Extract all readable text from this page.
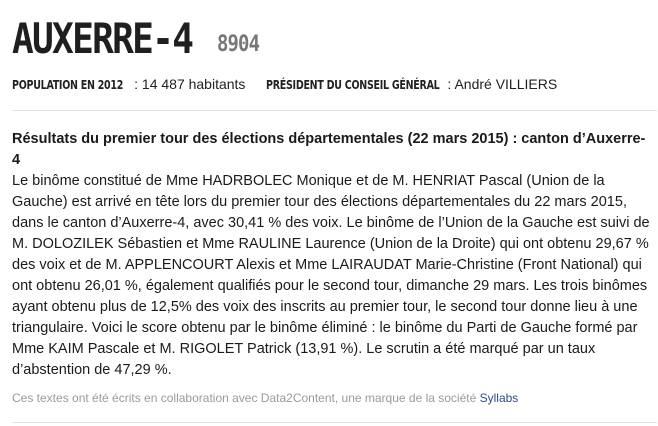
AUXERRE-4 8904
POPULATION EN 2012 : 14 487 habitants PRÉSIDENT DU CONSEIL GÉNÉRAL : André VILLIERS
Résultats du premier tour des élections départementales (22 mars 2015) : canton d’Auxerre-4
Le binôme constitué de Mme HADRBOLEC Monique et de M. HENRIAT Pascal (Union de la Gauche) est arrivé en tête lors du premier tour des élections départementales du 22 mars 2015, dans le canton d’Auxerre-4, avec 30,41 % des voix. Le binôme de l’Union de la Gauche est suivi de M. DOLOZILEK Sébastien et Mme RAULINE Laurence (Union de la Droite) qui ont obtenu 29,67 % des voix et de M. APPLENCOURT Alexis et Mme LAIRAUDAT Marie-Christine (Front National) qui ont obtenu 26,01 %, également qualifiés pour le second tour, dimanche 29 mars. Les trois binômes ayant obtenu plus de 12,5% des voix des inscrits au premier tour, le second tour donne lieu à une triangulaire. Voici le score obtenu par le binôme éliminé : le binôme du Parti de Gauche formé par Mme KAIM Pascale et M. RIGOLET Patrick (13,91 %). Le scrutin a été marqué par un taux d’abstention de 47,29 %.
Ces textes ont été écrits en collaboration avec Data2Content, une marque de la société Syllabs
